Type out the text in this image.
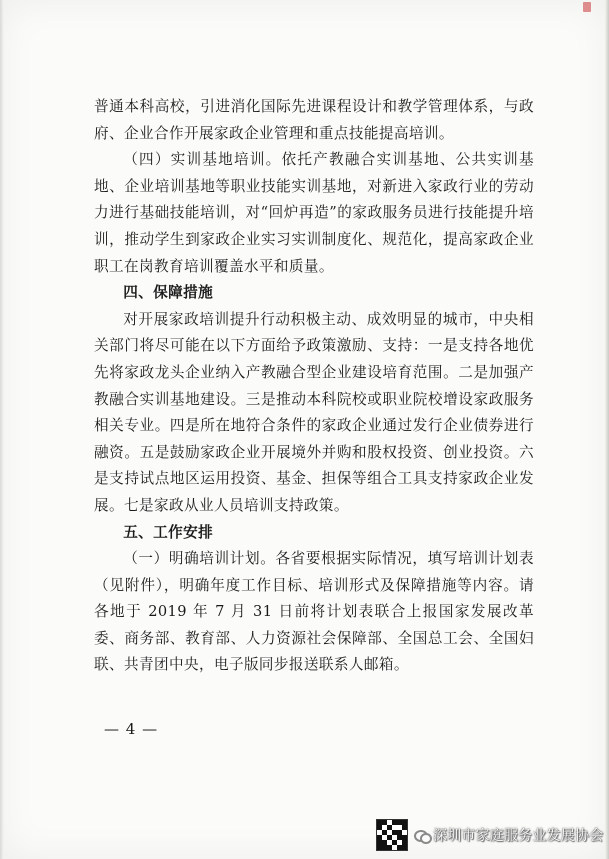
普通本科高校，引进消化国际先进课程设计和教学管理体系，与政府、企业合作开展家政企业管理和重点技能提高培训。

（四）实训基地培训。依托产教融合实训基地、公共实训基地、企业培训基地等职业技能实训基地，对新进入家政行业的劳动力进行基础技能培训，对“回炉再造”的家政服务员进行技能提升培训，推动学生到家政企业实习实训制度化、规范化，提高家政企业职工在岗教育培训覆盖水平和质量。

四、保障措施

对开展家政培训提升行动积极主动、成效明显的城市，中央相关部门将尽可能在以下方面给予政策激励、支持：一是支持各地优先将家政龙头企业纳入产教融合型企业建设培育范围。二是加强产教融合实训基地建设。三是推动本科院校或职业院校增设家政服务相关专业。四是所在地符合条件的家政企业通过发行企业债券进行融资。五是鼓励家政企业开展境外并购和股权投资、创业投资。六是支持试点地区运用投资、基金、担保等组合工具支持家政企业发展。七是家政从业人员培训支持政策。

五、工作安排

（一）明确培训计划。各省要根据实际情况，填写培训计划表（见附件），明确年度工作目标、培训形式及保障措施等内容。请各地于 2019 年 7 月 31 日前将计划表联合上报国家发展改革委、商务部、教育部、人力资源社会保障部、全国总工会、全国妇联、共青团中央，电子版同步报送联系人邮箱。

— 4 —
深圳市家庭服务业发展协会
